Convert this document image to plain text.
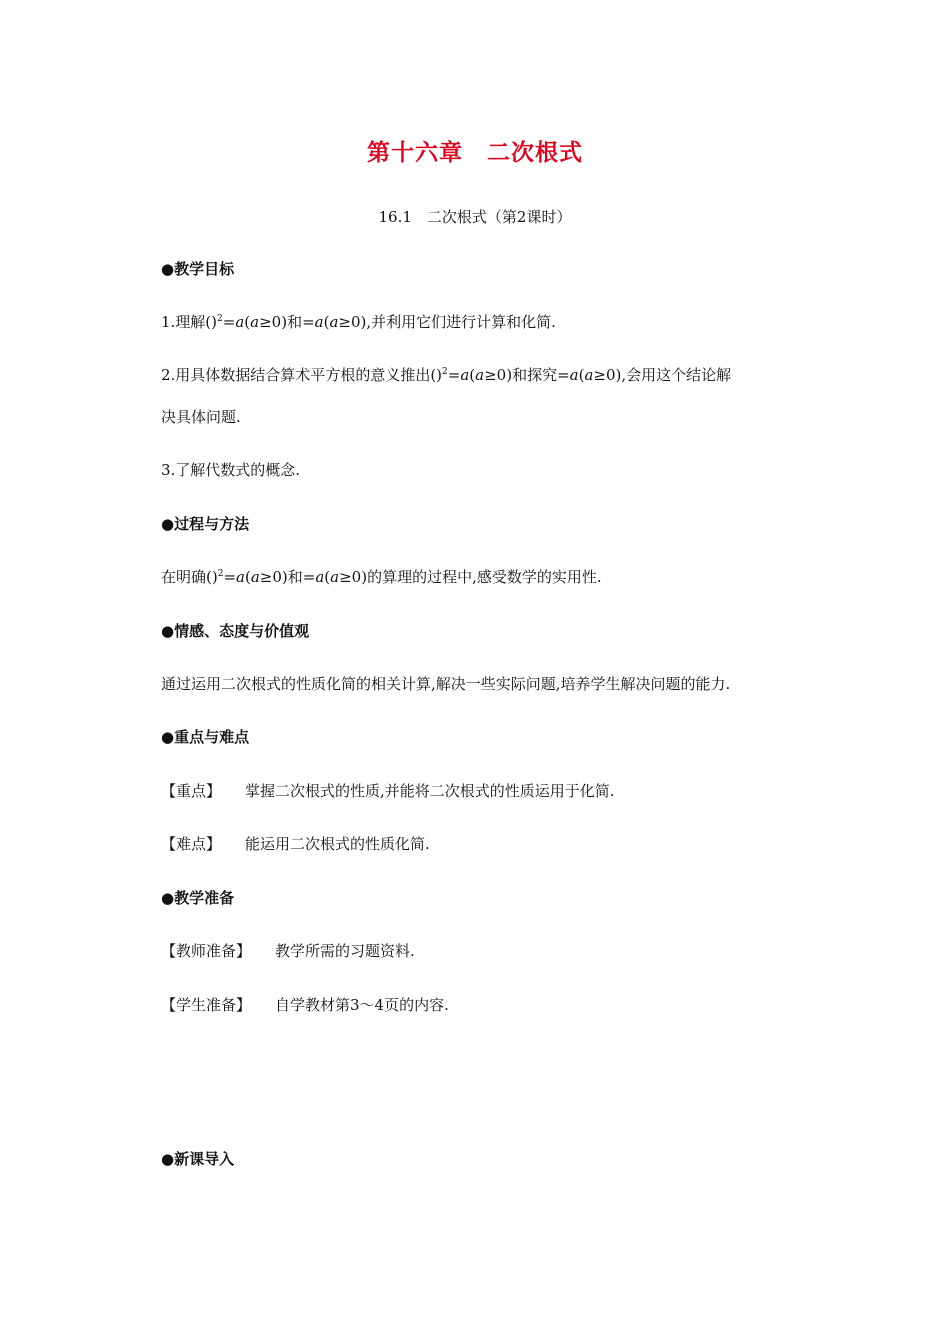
第十六章　二次根式
16.1　二次根式（第2课时）
●教学目标
1.理解()$^2$=a(a≥0)和=a(a≥0),并利用它们进行计算和化简.
2.用具体数据结合算术平方根的意义推出()$^2$=a(a≥0)和探究=a(a≥0),会用这个结论解
决具体问题.
3.了解代数式的概念.
●过程与方法
在明确()$^2$=a(a≥0)和=a(a≥0)的算理的过程中,感受数学的实用性.
●情感、态度与价值观
通过运用二次根式的性质化简的相关计算,解决一些实际问题,培养学生解决问题的能力.
●重点与难点
【重点】 掌握二次根式的性质,并能将二次根式的性质运用于化简.
【难点】 能运用二次根式的性质化简.
●教学准备
【教师准备】 教学所需的习题资料.
【学生准备】 自学教材第3～4页的内容.
●新课导入
